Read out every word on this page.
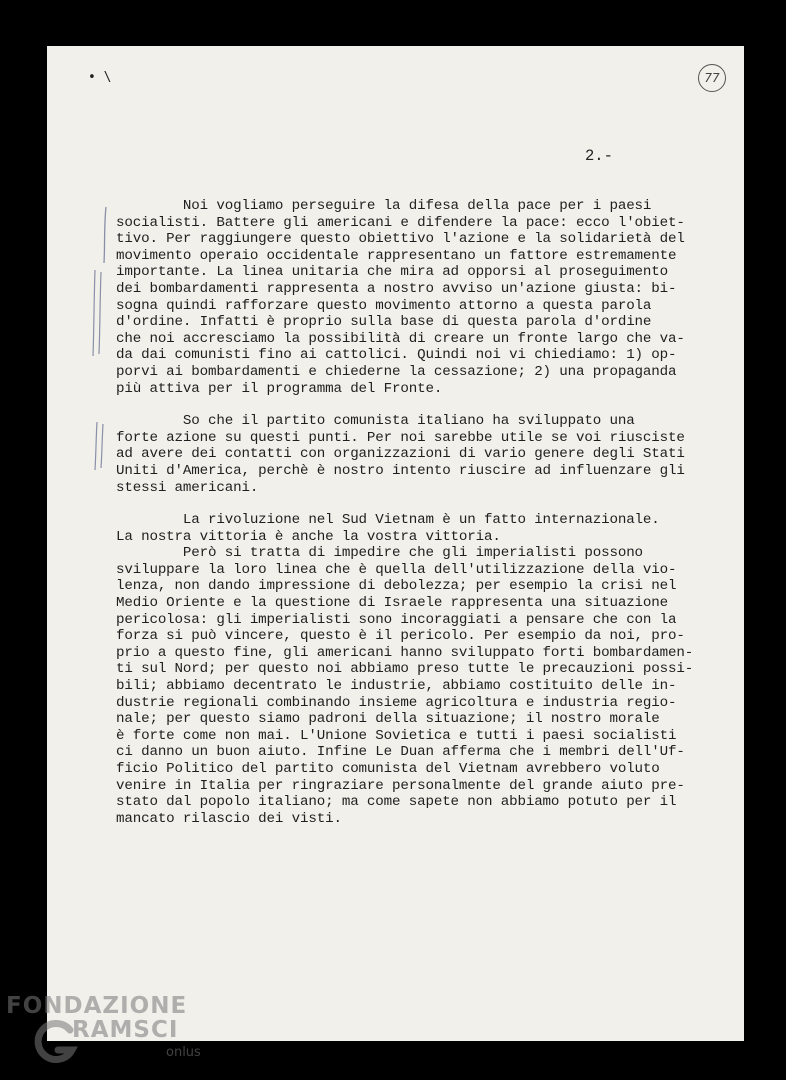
• \	77
2.-
Noi vogliamo perseguire la difesa della pace per i paesi
socialisti. Battere gli americani e difendere la pace: ecco l'obiet-
tivo. Per raggiungere questo obiettivo l'azione e la solidarietà del
movimento operaio occidentale rappresentano un fattore estremamente
importante. La linea unitaria che mira ad opporsi al proseguimento
dei bombardamenti rappresenta a nostro avviso un'azione giusta: bi-
sogna quindi rafforzare questo movimento attorno a questa parola
d'ordine. Infatti è proprio sulla base di questa parola d'ordine
che noi accresciamo la possibilità di creare un fronte largo che va-
da dai comunisti fino ai cattolici. Quindi noi vi chiediamo: 1) op-
porvi ai bombardamenti e chiederne la cessazione; 2) una propaganda
più attiva per il programma del Fronte.
So che il partito comunista italiano ha sviluppato una
forte azione su questi punti. Per noi sarebbe utile se voi riusciste
ad avere dei contatti con organizzazioni di vario genere degli Stati
Uniti d'America, perchè è nostro intento riuscire ad influenzare gli
stessi americani.
La rivoluzione nel Sud Vietnam è un fatto internazionale.
La nostra vittoria è anche la vostra vittoria.
Però si tratta di impedire che gli imperialisti possono
sviluppare la loro linea che è quella dell'utilizzazione della vio-
lenza, non dando impressione di debolezza; per esempio la crisi nel
Medio Oriente e la questione di Israele rappresenta una situazione
pericolosa: gli imperialisti sono incoraggiati a pensare che con la
forza si può vincere, questo è il pericolo. Per esempio da noi, pro-
prio a questo fine, gli americani hanno sviluppato forti bombardamen-
ti sul Nord; per questo noi abbiamo preso tutte le precauzioni possi-
bili; abbiamo decentrato le industrie, abbiamo costituito delle in-
dustrie regionali combinando insieme agricoltura e industria regio-
nale; per questo siamo padroni della situazione; il nostro morale
è forte come non mai. L'Unione Sovietica e tutti i paesi socialisti
ci danno un buon aiuto. Infine Le Duan afferma che i membri dell'Uf-
ficio Politico del partito comunista del Vietnam avrebbero voluto
venire in Italia per ringraziare personalmente del grande aiuto pre-
stato dal popolo italiano; ma come sapete non abbiamo potuto per il
mancato rilascio dei visti.
FONDAZIONE
RAMSCI
onlus
